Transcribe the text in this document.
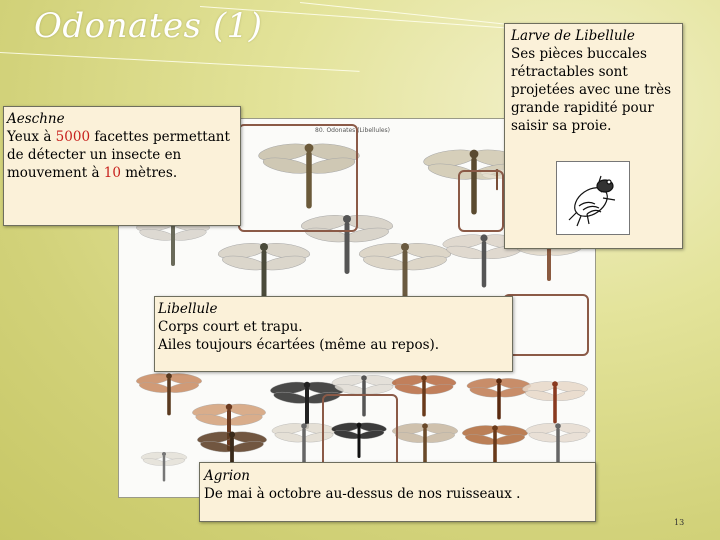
Odonates (1)
80. Odonates (Libellules)
Aeschne
Yeux à 5000 facettes permettant de détecter un insecte en mouvement à 10 mètres.
Larve de Libellule
Ses pièces buccales rétractables sont projetées avec une très grande rapidité pour saisir sa proie.
Libellule
Corps court et trapu.
Ailes toujours écartées (même au repos).
Agrion
De mai à octobre au-dessus de nos ruisseaux .
13
